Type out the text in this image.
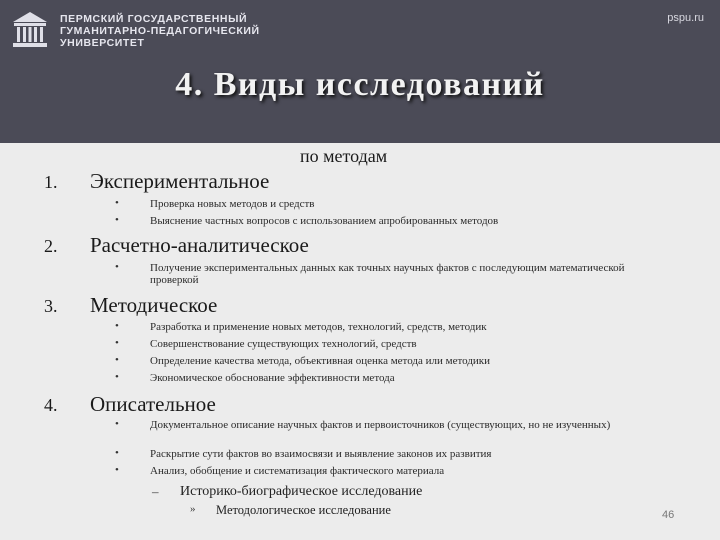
ПЕРМСКИЙ ГОСУДАРСТВЕННЫЙ
ГУМАНИТАРНО-ПЕДАГОГИЧЕСКИЙ
УНИВЕРСИТЕТ
pspu.ru
4. Виды исследований
по методам
1. Экспериментальное
•	Проверка новых методов и средств
•	Выяснение частных вопросов с использованием апробированных методов
2. Расчетно-аналитическое
•	Получение экспериментальных данных как точных научных фактов с последующим математической проверкой
3. Методическое
•	Разработка и применение новых методов, технологий, средств, методик
•	Совершенствование существующих технологий, средств
•	Определение качества метода, объективная оценка метода или методики
•	Экономическое обоснование эффективности метода
4. Описательное
•	Документальное описание научных фактов и первоисточников (существующих, но не изученных)
•	Раскрытие сути фактов во взаимосвязи и выявление законов их развития
•	Анализ, обобщение и систематизация фактического материала
– Историко-биографическое исследование
» Методологическое исследование	46
